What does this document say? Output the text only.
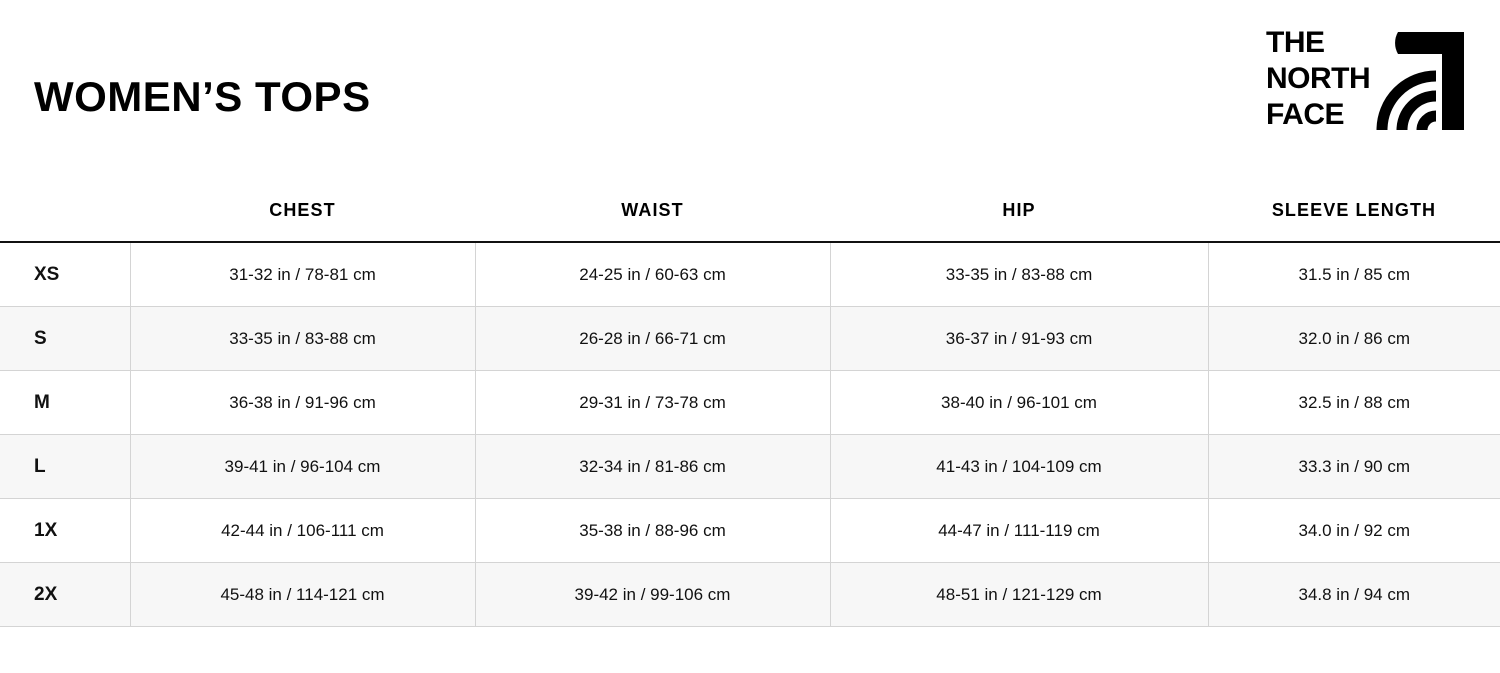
WOMEN’S TOPS
THE
NORTH
FACE
	CHEST	WAIST	HIP	SLEEVE LENGTH
XS	31-32 in / 78-81 cm	24-25 in / 60-63 cm	33-35 in / 83-88 cm	31.5 in / 85 cm
S	33-35 in / 83-88 cm	26-28 in / 66-71 cm	36-37 in / 91-93 cm	32.0 in / 86 cm
M	36-38 in / 91-96 cm	29-31 in / 73-78 cm	38-40 in / 96-101 cm	32.5 in / 88 cm
L	39-41 in / 96-104 cm	32-34 in / 81-86 cm	41-43 in / 104-109 cm	33.3 in / 90 cm
1X	42-44 in / 106-111 cm	35-38 in / 88-96 cm	44-47 in / 111-119 cm	34.0 in / 92 cm
2X	45-48 in / 114-121 cm	39-42 in / 99-106 cm	48-51 in / 121-129 cm	34.8 in / 94 cm
